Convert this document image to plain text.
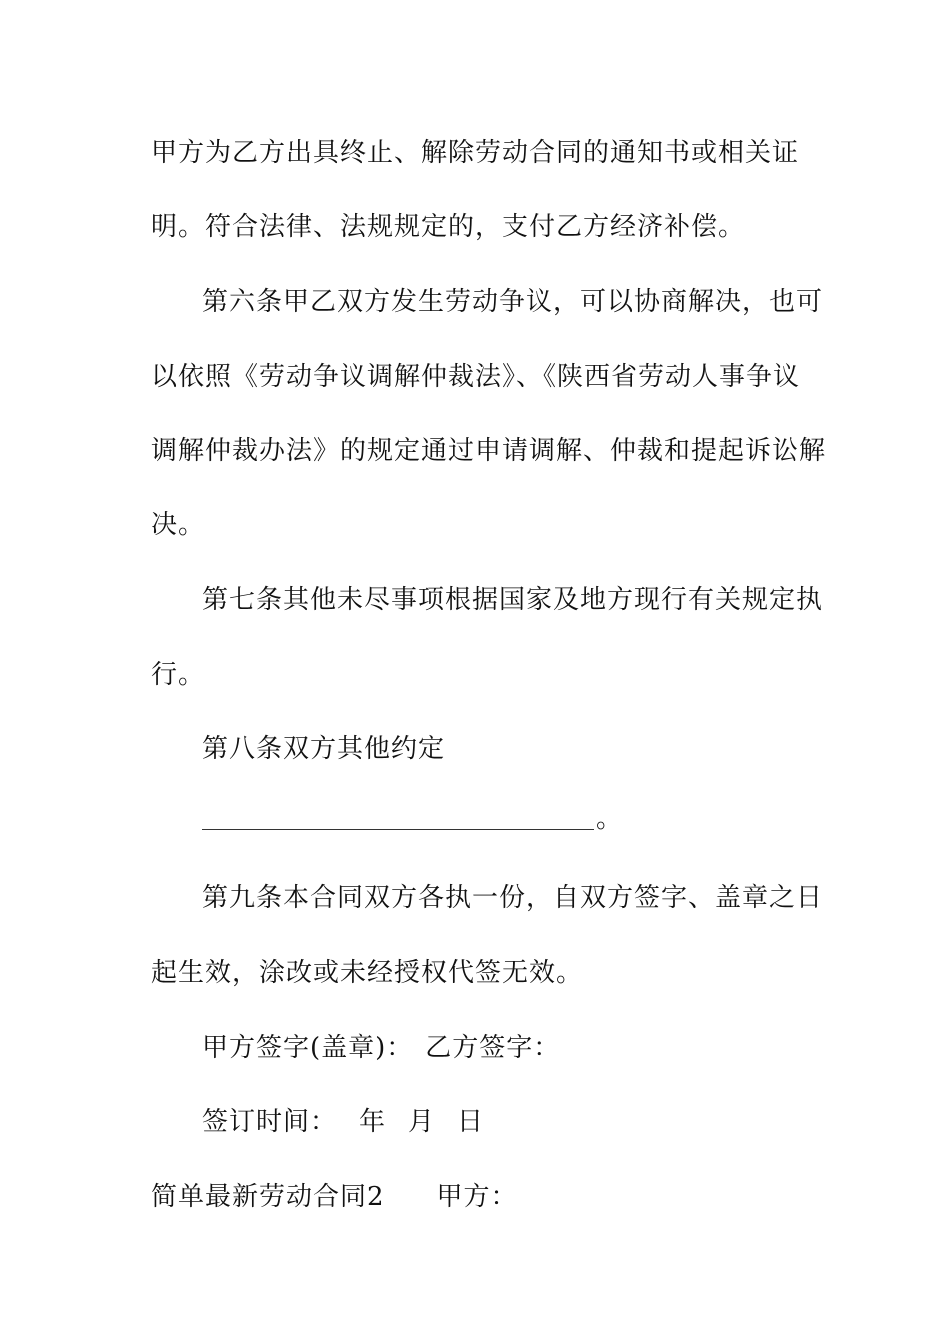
甲方为乙方出具终止、解除劳动合同的通知书或相关证
明。符合法律、法规规定的，支付乙方经济补偿。
第六条甲乙双方发生劳动争议，可以协商解决，也可
以依照《劳动争议调解仲裁法》、《陕西省劳动人事争议
调解仲裁办法》的规定通过申请调解、仲裁和提起诉讼解
决。
第七条其他未尽事项根据国家及地方现行有关规定执
行。
第八条双方其他约定
。
第九条本合同双方各执一份，自双方签字、盖章之日
起生效，涂改或未经授权代签无效。
甲方签字(盖章)： 乙方签字：
签订时间： 年 月 日
简单最新劳动合同2 甲方：
